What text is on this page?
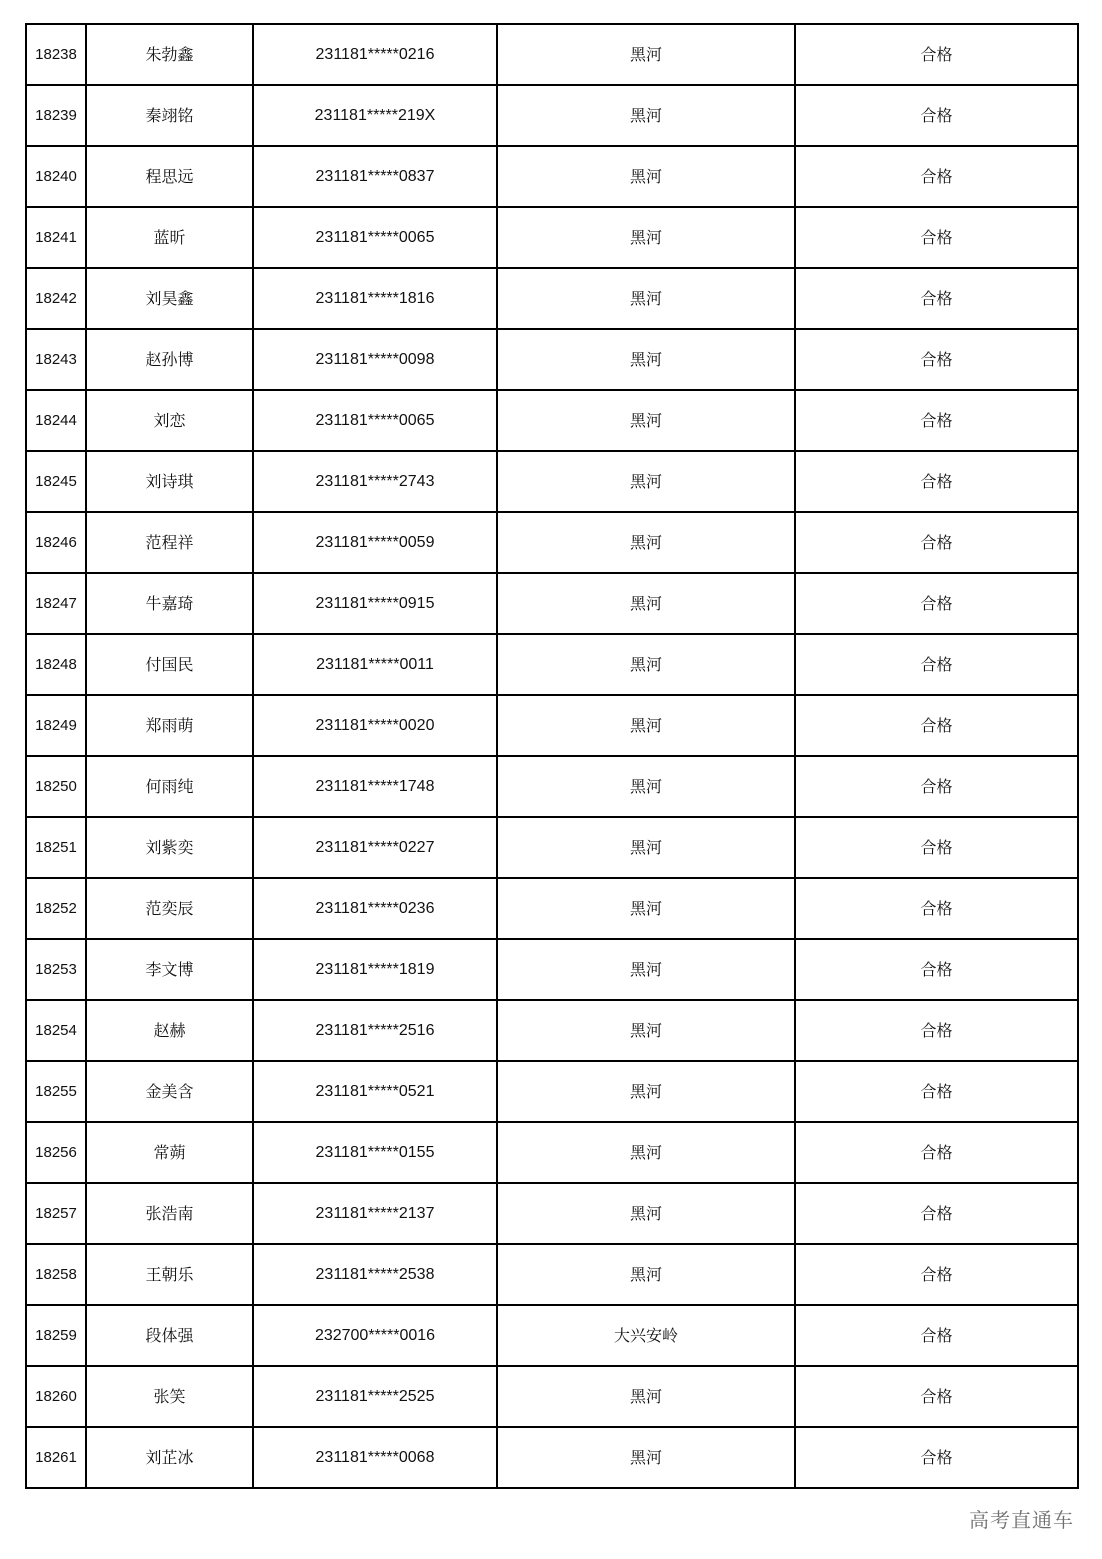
18238	朱勃鑫	231181*****0216	黑河	合格
18239	秦翊铭	231181*****219X	黑河	合格
18240	程思远	231181*****0837	黑河	合格
18241	蓝昕	231181*****0065	黑河	合格
18242	刘昊鑫	231181*****1816	黑河	合格
18243	赵孙博	231181*****0098	黑河	合格
18244	刘恋	231181*****0065	黑河	合格
18245	刘诗琪	231181*****2743	黑河	合格
18246	范程祥	231181*****0059	黑河	合格
18247	牛嘉琦	231181*****0915	黑河	合格
18248	付国民	231181*****0011	黑河	合格
18249	郑雨萌	231181*****0020	黑河	合格
18250	何雨纯	231181*****1748	黑河	合格
18251	刘紫奕	231181*****0227	黑河	合格
18252	范奕辰	231181*****0236	黑河	合格
18253	李文博	231181*****1819	黑河	合格
18254	赵赫	231181*****2516	黑河	合格
18255	金美含	231181*****0521	黑河	合格
18256	常蒴	231181*****0155	黑河	合格
18257	张浩南	231181*****2137	黑河	合格
18258	王朝乐	231181*****2538	黑河	合格
18259	段体强	232700*****0016	大兴安岭	合格
18260	张笑	231181*****2525	黑河	合格
18261	刘芷冰	231181*****0068	黑河	合格
高考直通车
